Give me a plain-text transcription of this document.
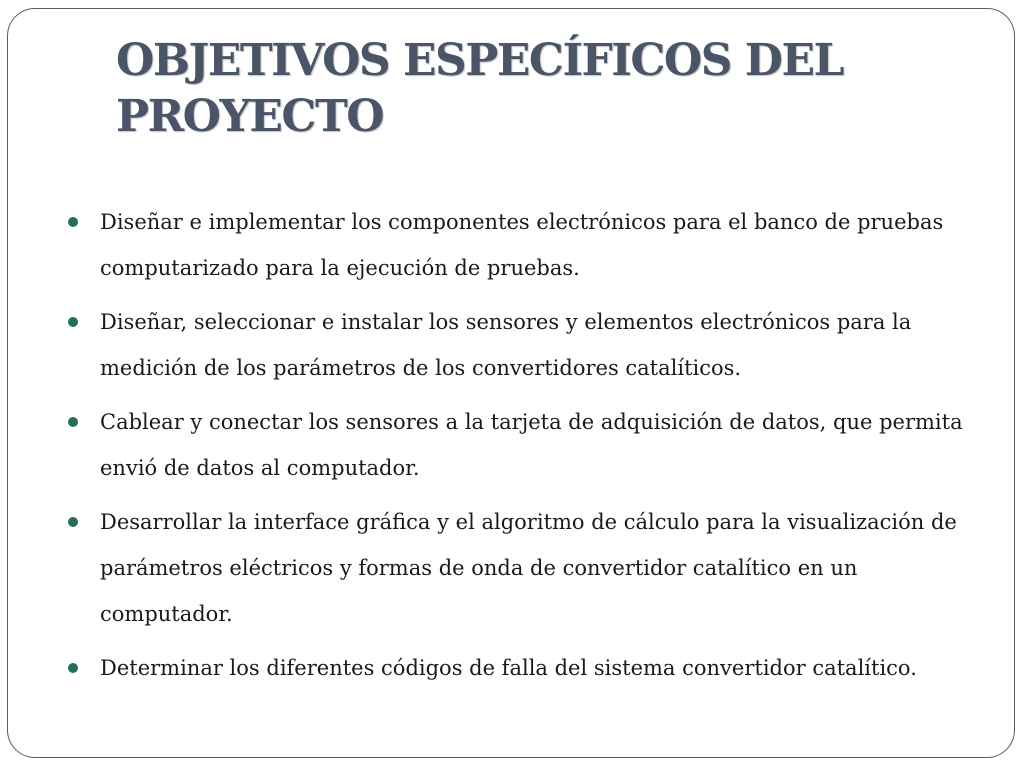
OBJETIVOS ESPECÍFICOS DEL PROYECTO
Diseñar e implementar los componentes electrónicos para el banco de pruebas computarizado para la ejecución de pruebas.
Diseñar, seleccionar e instalar los sensores y elementos electrónicos para la medición de los parámetros de los convertidores catalíticos.
Cablear y conectar los sensores a la tarjeta de adquisición de datos, que permita envió de datos al computador.
Desarrollar la interface gráfica y el algoritmo de cálculo para la visualización de parámetros eléctricos y formas de onda de convertidor catalítico en un computador.
Determinar los diferentes códigos de falla del sistema convertidor catalítico.
